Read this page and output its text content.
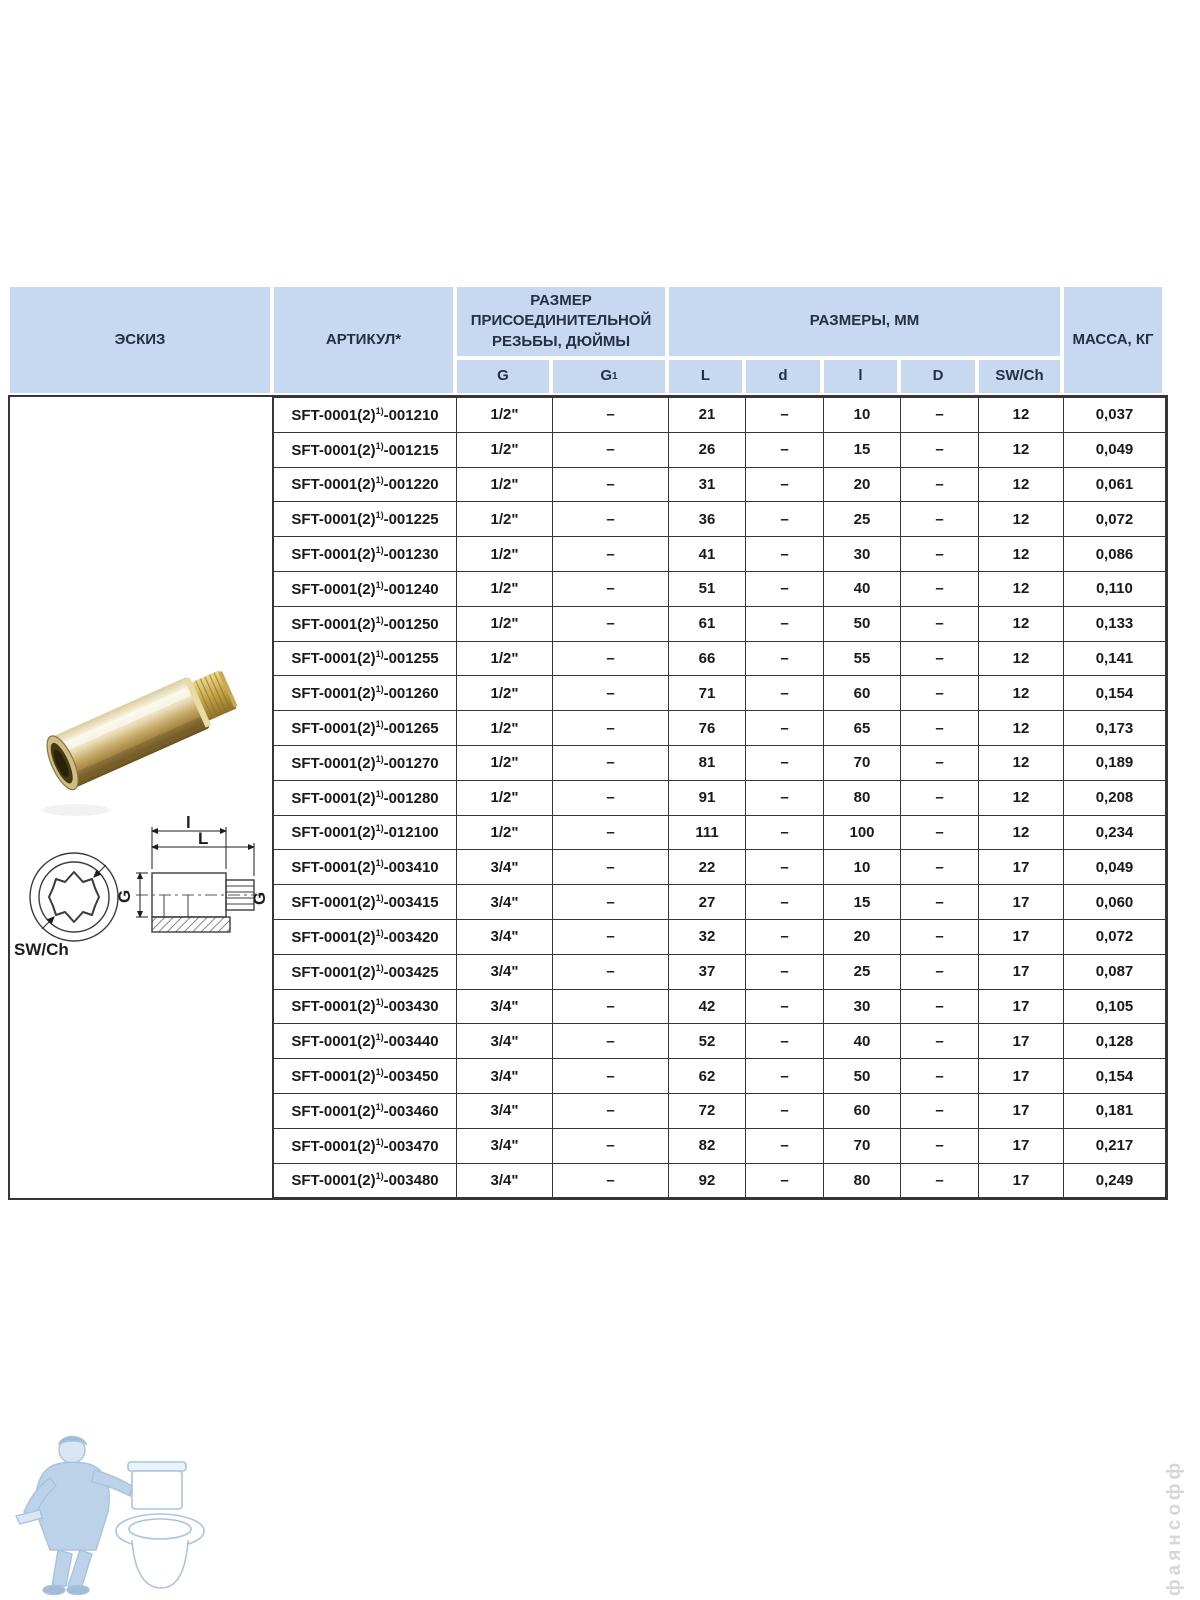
ЭСКИЗ	АРТИКУЛ*
РАЗМЕР ПРИСОЕДИНИТЕЛЬНОЙ РЕЗЬБЫ, ДЮЙМЫ
РАЗМЕРЫ, ММ
МАССА, КГ
G	G 1	L	d	l	D	SW/Ch
SW/Ch
l
L
G	G
SFT-$0001(2)^{1)}-001210$	1/2"	–	21	–	10	–	12	0,037
SFT-$0001(2)^{1)}-001215$	1/2"	–	26	–	15	–	12	0,049
SFT-$0001(2)^{1)}-001220$	1/2"	–	31	–	20	–	12	0,061
SFT-$0001(2)^{1)}-001225$	1/2"	–	36	–	25	–	12	0,072
SFT-$0001(2)^{1)}-001230$	1/2"	–	41	–	30	–	12	0,086
SFT-$0001(2)^{1)}-001240$	1/2"	–	51	–	40	–	12	0,110
SFT-$0001(2)^{1)}-001250$	1/2"	–	61	–	50	–	12	0,133
SFT-$0001(2)^{1)}-001255$	1/2"	–	66	–	55	–	12	0,141
SFT-$0001(2)^{1)}-001260$	1/2"	–	71	–	60	–	12	0,154
SFT-$0001(2)^{1)}-001265$	1/2"	–	76	–	65	–	12	0,173
SFT-$0001(2)^{1)}-001270$	1/2"	–	81	–	70	–	12	0,189
SFT-$0001(2)^{1)}-001280$	1/2"	–	91	–	80	–	12	0,208
SFT-$0001(2)^{1)}-012100$	1/2"	–	111	–	100	–	12	0,234
SFT-$0001(2)^{1)}-003410$	3/4"	–	22	–	10	–	17	0,049
SFT-$0001(2)^{1)}-003415$	3/4"	–	27	–	15	–	17	0,060
SFT-$0001(2)^{1)}-003420$	3/4"	–	32	–	20	–	17	0,072
SFT-$0001(2)^{1)}-003425$	3/4"	–	37	–	25	–	17	0,087
SFT-$0001(2)^{1)}-003430$	3/4"	–	42	–	30	–	17	0,105
SFT-$0001(2)^{1)}-003440$	3/4"	–	52	–	40	–	17	0,128
SFT-$0001(2)^{1)}-003450$	3/4"	–	62	–	50	–	17	0,154
SFT-$0001(2)^{1)}-003460$	3/4"	–	72	–	60	–	17	0,181
SFT-$0001(2)^{1)}-003470$	3/4"	–	82	–	70	–	17	0,217
SFT-$0001(2)^{1)}-003480$	3/4"	–	92	–	80	–	17	0,249
фаянсофф
